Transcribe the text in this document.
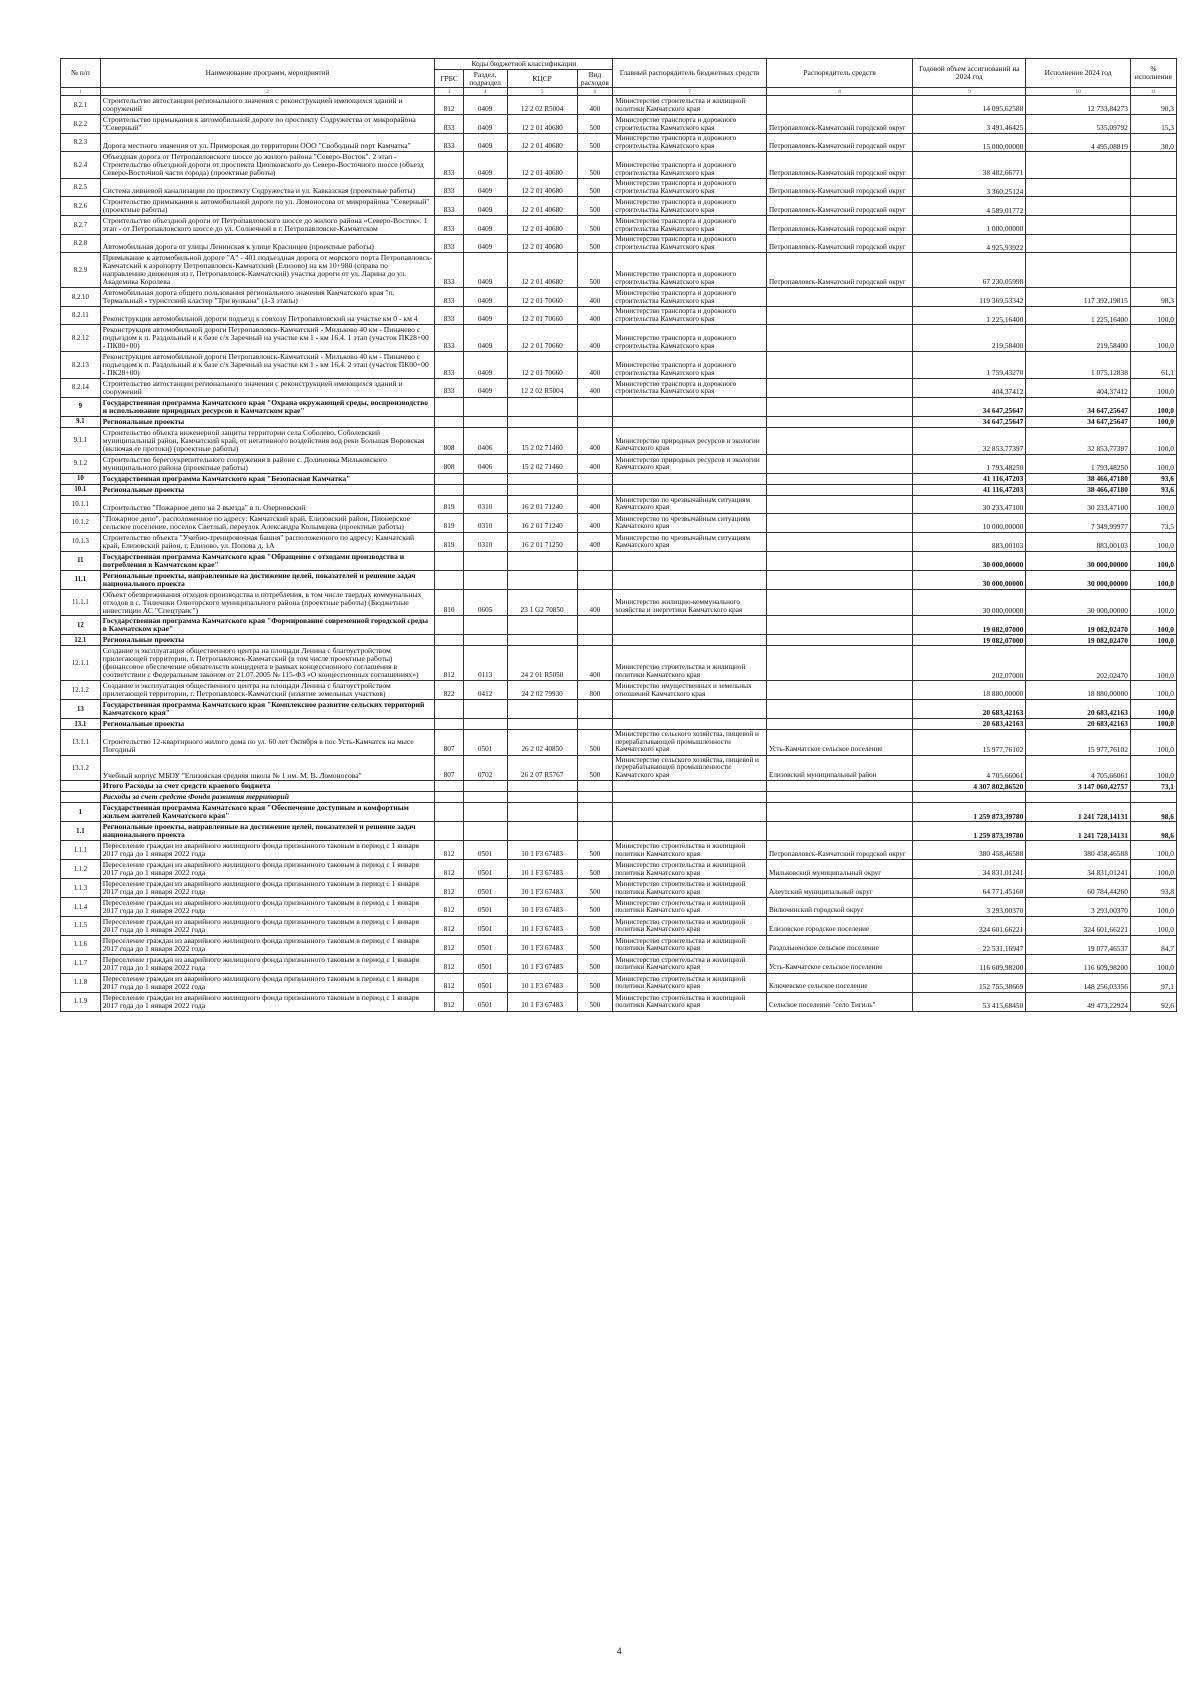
№ п/п	Наименование программ, мероприятий	Коды бюджетной классификации				Главный распорядитель бюджетных средств	Распорядитель средств	Годовой объем ассигнований на 2024 год	Исполнение 2024 год	% исполнения
		ГРБС	Раздел, подраздел	КЦСР	Вид расходов					
1	2	3	4	5	6	7	8	9	10	11
8.2.1	Строительство автостанции регионального значения с реконструкцией имеющихся зданий и сооружений	812	0409	12 2 02 R5004	400	Министерство строительства и жилищной политики Камчатского края		14 095,62588	12 733,84273	90,3
8.2.2	Строительство примыкания к автомобильной дороге по проспекту Содружества от микрорайона "Северный"	833	0409	12 2 01 40680	500	Министерство транспорта и дорожного строительства Камчатского края	Петропавловск-Камчатский городской округ	3 491,46425	535,09792	15,3
8.2.3	Дорога местного значения от ул. Приморская до территории ООО "Свободный порт Камчатка"	833	0409	12 2 01 40680	500	Министерство транспорта и дорожного строительства Камчатского края	Петропавловск-Камчатский городской округ	15 000,00000	4 495,08819	30,0
8.2.4	Объездная дорога от Петропавловского шоссе до жилого района "Северо-Восток". 2 этап - Строительство объездной дороги от проспекта Циолковского до Северо-Восточного шоссе (объезд Северо-Восточной части города) (проектные работы)	833	0409	12 2 01 40680	500	Министерство транспорта и дорожного строительства Камчатского края	Петропавловск-Камчатский городской округ	38 482,66771		
8.2.5	Система ливневой канализации по проспекту Содружества и ул. Кавказская (проектные работы)	833	0409	12 2 01 40680	500	Министерство транспорта и дорожного строительства Камчатского края	Петропавловск-Камчатский городской округ	3 360,25124		
8.2.6	Строительство примыкания к автомобильной дороге по ул. Ломоносова от микрорайона "Северный" (проектные работы)	833	0409	12 2 01 40680	500	Министерство транспорта и дорожного строительства Камчатского края	Петропавловск-Камчатский городской округ	4 589,01772		
8.2.7	Строительство объездной дороги от Петропавловского шоссе до жилого района «Северо-Восток». 1 этап - от Петропавловского шоссе до ул. Солнечной в г. Петропавловске-Камчатском	833	0409	12 2 01 40680	500	Министерство транспорта и дорожного строительства Камчатского края	Петропавловск-Камчатский городской округ	1 000,00000		
8.2.8	Автомобильная дорога от улицы Ленинская к улице Красинцев (проектные работы)	833	0409	12 2 01 40680	500	Министерство транспорта и дорожного строительства Камчатского края	Петропавловск-Камчатский городской округ	4 925,93922		
8.2.9	Примыкание к автомобильной дороге "А" - 401 подъездная дорога от морского порта Петропавловск-Камчатский к аэропорту Петропавловск-Камчатский (Елизово) на км 10+980 (справа по направлению движения из г. Петропавловск-Камчатский) участка дороги от ул. Ларина до ул. Академика Королева	833	0409	12 2 01 40680	500	Министерство транспорта и дорожного строительства Камчатского края	Петропавловск-Камчатский городской округ	67 230,05998		
8.2.10	Автомобильная дорога общего пользования регионального значения Камчатского края "п. Термальный - туристский кластер "Три вулкана" (1-3 этапы)	833	0409	12 2 01 70660	400	Министерство транспорта и дорожного строительства Камчатского края		119 369,53342	117 392,19815	98,3
8.2.11	Реконструкция автомобильной дороги подъезд к совхозу Петропавловский на участке км 0 - км 4	833	0409	12 2 01 70660	400	Министерство транспорта и дорожного строительства Камчатского края		1 225,16400	1 225,16400	100,0
8.2.12	Реконструкция автомобильной дороги Петропавловск-Камчатский - Мильково 40 км - Пиначево с подъездом к п. Раздольный и к базе с/х Заречный на участке км 1 - км 16,4. 1 этап (участок ПК28+00 - ПК80+00)	833	0409	12 2 01 70660	400	Министерство транспорта и дорожного строительства Камчатского края		219,58400	219,58400	100,0
8.2.13	Реконструкция автомобильной дороги Петропавловск-Камчатский - Мильково 40 км - Пиначево с подъездом к п. Раздольный и к базе с/х Заречный на участке км 1 - км 16,4. 2 этап (участок ПК00+00 - ПК28+00)	833	0409	12 2 01 70660	400	Министерство транспорта и дорожного строительства Камчатского края		1 759,43270	1 075,12838	61,1
8.2.14	Строительство автостанции регионального значения с реконструкцией имеющихся зданий и сооружений	833	0409	12 2 02 R5004	400	Министерство транспорта и дорожного строительства Камчатского края		404,37412	404,37412	100,0
9	Государственная программа Камчатского края "Охрана окружающей среды, воспроизводство и использование природных ресурсов в Камчатском крае"							34 647,25647	34 647,25647	100,0
9.1	Региональные проекты							34 647,25647	34 647,25647	100,0
9.1.1	Строительство объекта инженерной защиты территории села Соболево, Соболевский муниципальный район, Камчатский край, от негативного воздействия вод реки Большая Воровская (включая ее протоки) (проектные работы)	808	0406	15 2 02 71460	400	Министерство природных ресурсов и экологии Камчатского края		32 853,77397	32 853,77397	100,0
9.1.2	Строительство берегоукрепительного сооружения в районе с. Долиновка Мильковского муниципального района (проектные работы)	808	0406	15 2 02 71460	400	Министерство природных ресурсов и экологии Камчатского края		1 793,48250	1 793,48250	100,0
10	Государственная программа Камчатского края "Безопасная Камчатка"							41 116,47203	38 466,47180	93,6
10.1	Региональные проекты							41 116,47203	38 466,47180	93,6
10.1.1	Строительство "Пожарное депо на 2 выезда" в п. Озерновский	819	0310	16 2 01 71240	400	Министерство по чрезвычайным ситуациям Камчатского края		30 233,47100	30 233,47100	100,0
10.1.2	"Пожарное депо", расположенное по адресу: Камчатский край, Елизовский район, Пионерское сельское поселение, поселок Светлый, переулок Александра Колымцева (проектные работы)	819	0310	16 2 01 71240	400	Министерство по чрезвычайным ситуациям Камчатского края		10 000,00000	7 349,99977	73,5
10.1.3	Строительство объекта "Учебно-тренировочная башня" расположенного по адресу: Камчатский край, Елизовский район, г. Елизово, ул. Попова д. 1А	819	0310	16 2 01 71250	400	Министерство по чрезвычайным ситуациям Камчатского края		883,00103	883,00103	100,0
11	Государственная программа Камчатского края "Обращение с отходами производства и потребления в Камчатском крае"							30 000,00000	30 000,00000	100,0
11.1	Региональные проекты, направленные на достижение целей, показателей и решение задач национального проекта							30 000,00000	30 000,00000	100,0
11.1.1	Объект обезвреживания отходов производства и потребления, в том числе твердых коммунальных отходов в с. Тиличики Олюторского муниципального района (проектные работы) (Бюджетные инвестиции АС "Спецтранс")	810	0605	23 1 G2 70850	400	Министерство жилищно-коммунального хозяйства и энергетики Камчатского края		30 000,00000	30 000,00000	100,0
12	Государственная программа Камчатского края "Формирование современной городской среды в Камчатском крае"							19 082,07000	19 082,02470	100,0
12.1	Региональные проекты							19 082,07000	19 082,02470	100,0
12.1.1	Создание и эксплуатация общественного центра на площади Ленина с благоустройством прилегающей территории, г. Петропавловск-Камчатский (в том числе проектные работы) (финансовое обеспечение обязательств концедента в рамках концессионного соглашения в соответствии с Федеральным законом от 21.07.2005 № 115-ФЗ «О концессионных соглашениях»)	812	0113	24 2 01 R5050	400	Министерство строительства и жилищной политики Камчатского края		202,07000	202,02470	100,0
12.1.2	Создание и эксплуатация общественного центра на площади Ленина с благоустройством прилегающей территории, г. Петропавловск-Камчатский (изъятие земельных участков)	822	0412	24 2 02 79930	800	Министерство имущественных и земельных отношений Камчатского края		18 880,00000	18 880,00000	100,0
13	Государственная программа Камчатского края "Комплексное развитие сельских территорий Камчатского края"							20 683,42163	20 683,42163	100,0
13.1	Региональные проекты							20 683,42163	20 683,42163	100,0
13.1.1	Строительство 12-квартирного жилого дома по ул. 60 лет Октября в пос Усть-Камчатск на мысе Погодный	807	0501	26 2 02 40850	500	Министерство сельского хозяйства, пищевой и перерабатывающей промышленности Камчатского края	Усть-Камчатское сельское поселение	15 977,76102	15 977,76102	100,0
13.1.2	Учебный корпус МБОУ "Елизовская средняя школа № 1 им. М. В. Ломоносова"	807	0702	26 2 07 R5767	500	Министерство сельского хозяйства, пищевой и перерабатывающей промышленности Камчатского края	Елизовский муниципальный район	4 705,66061	4 705,66061	100,0
	Итого Расходы за счет средств краевого бюджета							4 307 802,86520	3 147 060,42757	73,1
	Расходы за счет средств Фонда развития территорий									
1	Государственная программа Камчатского края "Обеспечение доступным и комфортным жильем жителей Камчатского края"							1 259 873,39780	1 241 728,14131	98,6
1.1	Региональные проекты, направленные на достижение целей, показателей и решение задач национального проекта							1 259 873,39780	1 241 728,14131	98,6
1.1.1	Переселение граждан из аварийного жилищного фонда признанного таковым в период с 1 января 2017 года до 1 января 2022 года	812	0501	10 1 F3 67483	500	Министерство строительства и жилищной политики Камчатского края	Петропавловск-Камчатский городской округ	380 458,46588	380 458,46588	100,0
1.1.2	Переселение граждан из аварийного жилищного фонда признанного таковым в период с 1 января 2017 года до 1 января 2022 года	812	0501	10 1 F3 67483	500	Министерство строительства и жилищной политики Камчатского края	Мильковский муниципальный округ	34 831,01241	34 831,01241	100,0
1.1.3	Переселение граждан из аварийного жилищного фонда признанного таковым в период с 1 января 2017 года до 1 января 2022 года	812	0501	10 1 F3 67483	500	Министерство строительства и жилищной политики Камчатского края	Алеутский муниципальный округ	64 771,45160	60 784,44260	93,8
1.1.4	Переселение граждан из аварийного жилищного фонда признанного таковым в период с 1 января 2017 года до 1 января 2022 года	812	0501	10 1 F3 67483	500	Министерство строительства и жилищной политики Камчатского края	Вилючинский городской округ	3 293,00370	3 293,00370	100,0
1.1.5	Переселение граждан из аварийного жилищного фонда признанного таковым в период с 1 января 2017 года до 1 января 2022 года	812	0501	10 1 F3 67483	500	Министерство строительства и жилищной политики Камчатского края	Елизовское городское поселение	324 601,66221	324 601,66221	100,0
1.1.6	Переселение граждан из аварийного жилищного фонда признанного таковым в период с 1 января 2017 года до 1 января 2022 года	812	0501	10 1 F3 67483	500	Министерство строительства и жилищной политики Камчатского края	Раздольненское сельское поселение	22 531,16947	19 077,46537	84,7
1.1.7	Переселение граждан из аварийного жилищного фонда признанного таковым в период с 1 января 2017 года до 1 января 2022 года	812	0501	10 1 F3 67483	500	Министерство строительства и жилищной политики Камчатского края	Усть-Камчатское сельское поселение	116 609,98200	116 609,98200	100,0
1.1.8	Переселение граждан из аварийного жилищного фонда признанного таковым в период с 1 января 2017 года до 1 января 2022 года	812	0501	10 1 F3 67483	500	Министерство строительства и жилищной политики Камчатского края	Ключевское сельское поселение	152 755,38669	148 256,03356	97,1
1.1.9	Переселение граждан из аварийного жилищного фонда признанного таковым в период с 1 января 2017 года до 1 января 2022 года	812	0501	10 1 F3 67483	500	Министерство строительства и жилищной политики Камчатского края	Сельское поселение "село Тигиль"	53 415,68450	49 473,22924	92,6
4
